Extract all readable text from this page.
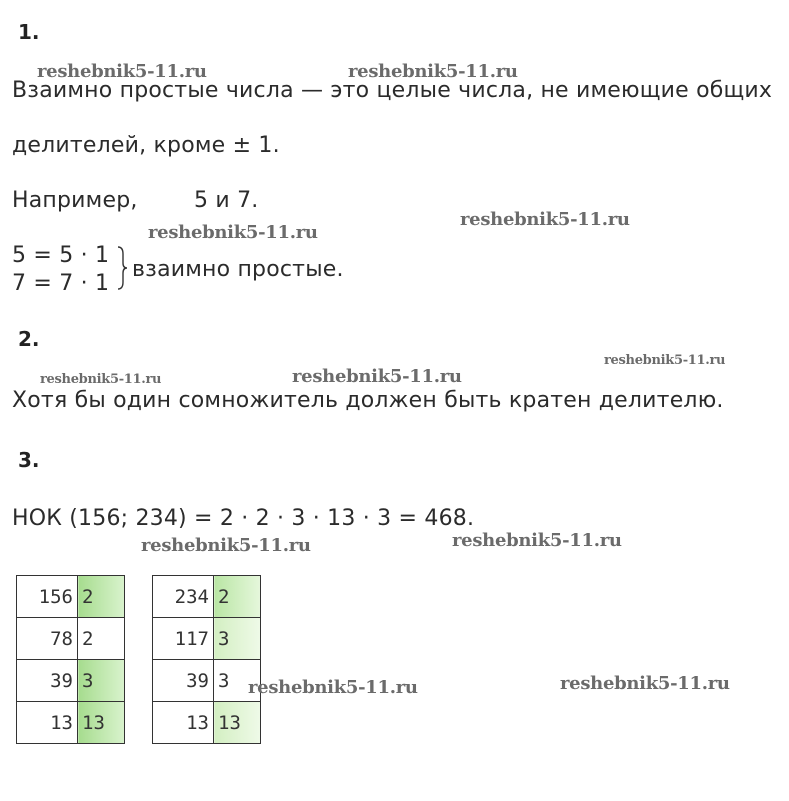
1.
reshebnik5-11.ru	reshebnik5-11.ru
Взаимно простые числа — это целые числа, не имеющие общих
делителей, кроме ± 1.
Например,	5 и 7.
reshebnik5-11.ru
reshebnik5-11.ru
5 = 5 · 1
7 = 7 · 1
взаимно простые.
2.
reshebnik5-11.ru
reshebnik5-11.ru
reshebnik5-11.ru
Хотя бы один сомножитель должен быть кратен делителю.
3.
НОК (156; 234) = 2 · 2 · 3 · 13 · 3 = 468.
reshebnik5-11.ru
reshebnik5-11.ru
156	2
78	2
39	3
13	13
234	2
117	3
39	3
13	13
reshebnik5-11.ru	reshebnik5-11.ru
